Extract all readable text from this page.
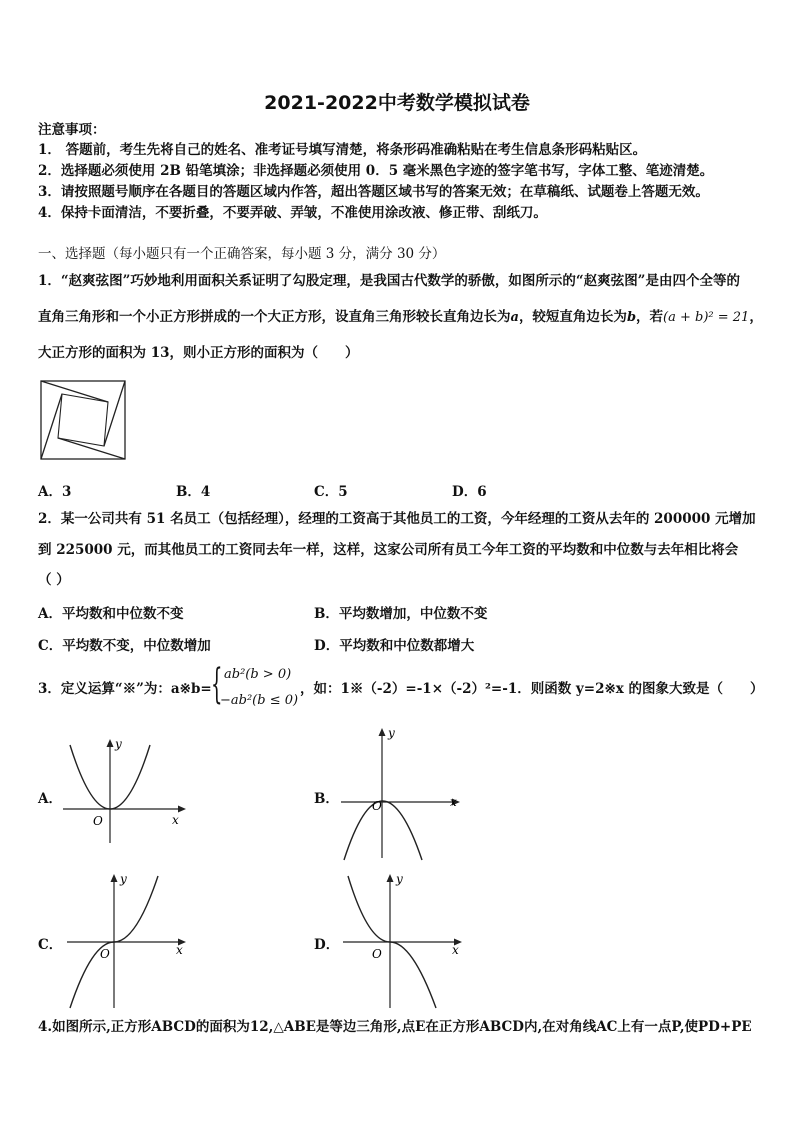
2021-2022中考数学模拟试卷
注意事项：
1． 答题前，考生先将自己的姓名、准考证号填写清楚，将条形码准确粘贴在考生信息条形码粘贴区。
2．选择题必须使用 2B 铅笔填涂；非选择题必须使用 0．5 毫米黑色字迹的签字笔书写，字体工整、笔迹清楚。
3．请按照题号顺序在各题目的答题区域内作答，超出答题区域书写的答案无效；在草稿纸、试题卷上答题无效。
4．保持卡面清洁，不要折叠，不要弄破、弄皱，不准使用涂改液、修正带、刮纸刀。
一、选择题（每小题只有一个正确答案，每小题 3 分，满分 30 分）
1．“赵爽弦图”巧妙地利用面积关系证明了勾股定理，是我国古代数学的骄傲，如图所示的“赵爽弦图”是由四个全等的
直角三角形和一个小正方形拼成的一个大正方形，设直角三角形较长直角边长为a，较短直角边长为b，若(a + b)² = 21，
大正方形的面积为 13，则小正方形的面积为（　　）
A．3	B．4	C．5	D．6
2．某一公司共有 51 名员工（包括经理），经理的工资高于其他员工的工资，今年经理的工资从去年的 200000 元增加
到 225000 元，而其他员工的工资同去年一样，这样，这家公司所有员工今年工资的平均数和中位数与去年相比将会
（ ）
A．平均数和中位数不变	B．平均数增加，中位数不变
C．平均数不变，中位数增加	D．平均数和中位数都增大
3．定义运算“※”为：a※b= { ab²(b > 0)
−ab²(b ≤ 0)
，如：1※（-2）=-1×（-2）²=-1．则函数 y=2※x 的图象大致是（　　）
A．
y
x
O
B．
y
x
O
C．
y
x
O
D．
y
x
O
4.如图所示,正方形ABCD的面积为12,△ABE是等边三角形,点E在正方形ABCD内,在对角线AC上有一点P,使PD+PE
